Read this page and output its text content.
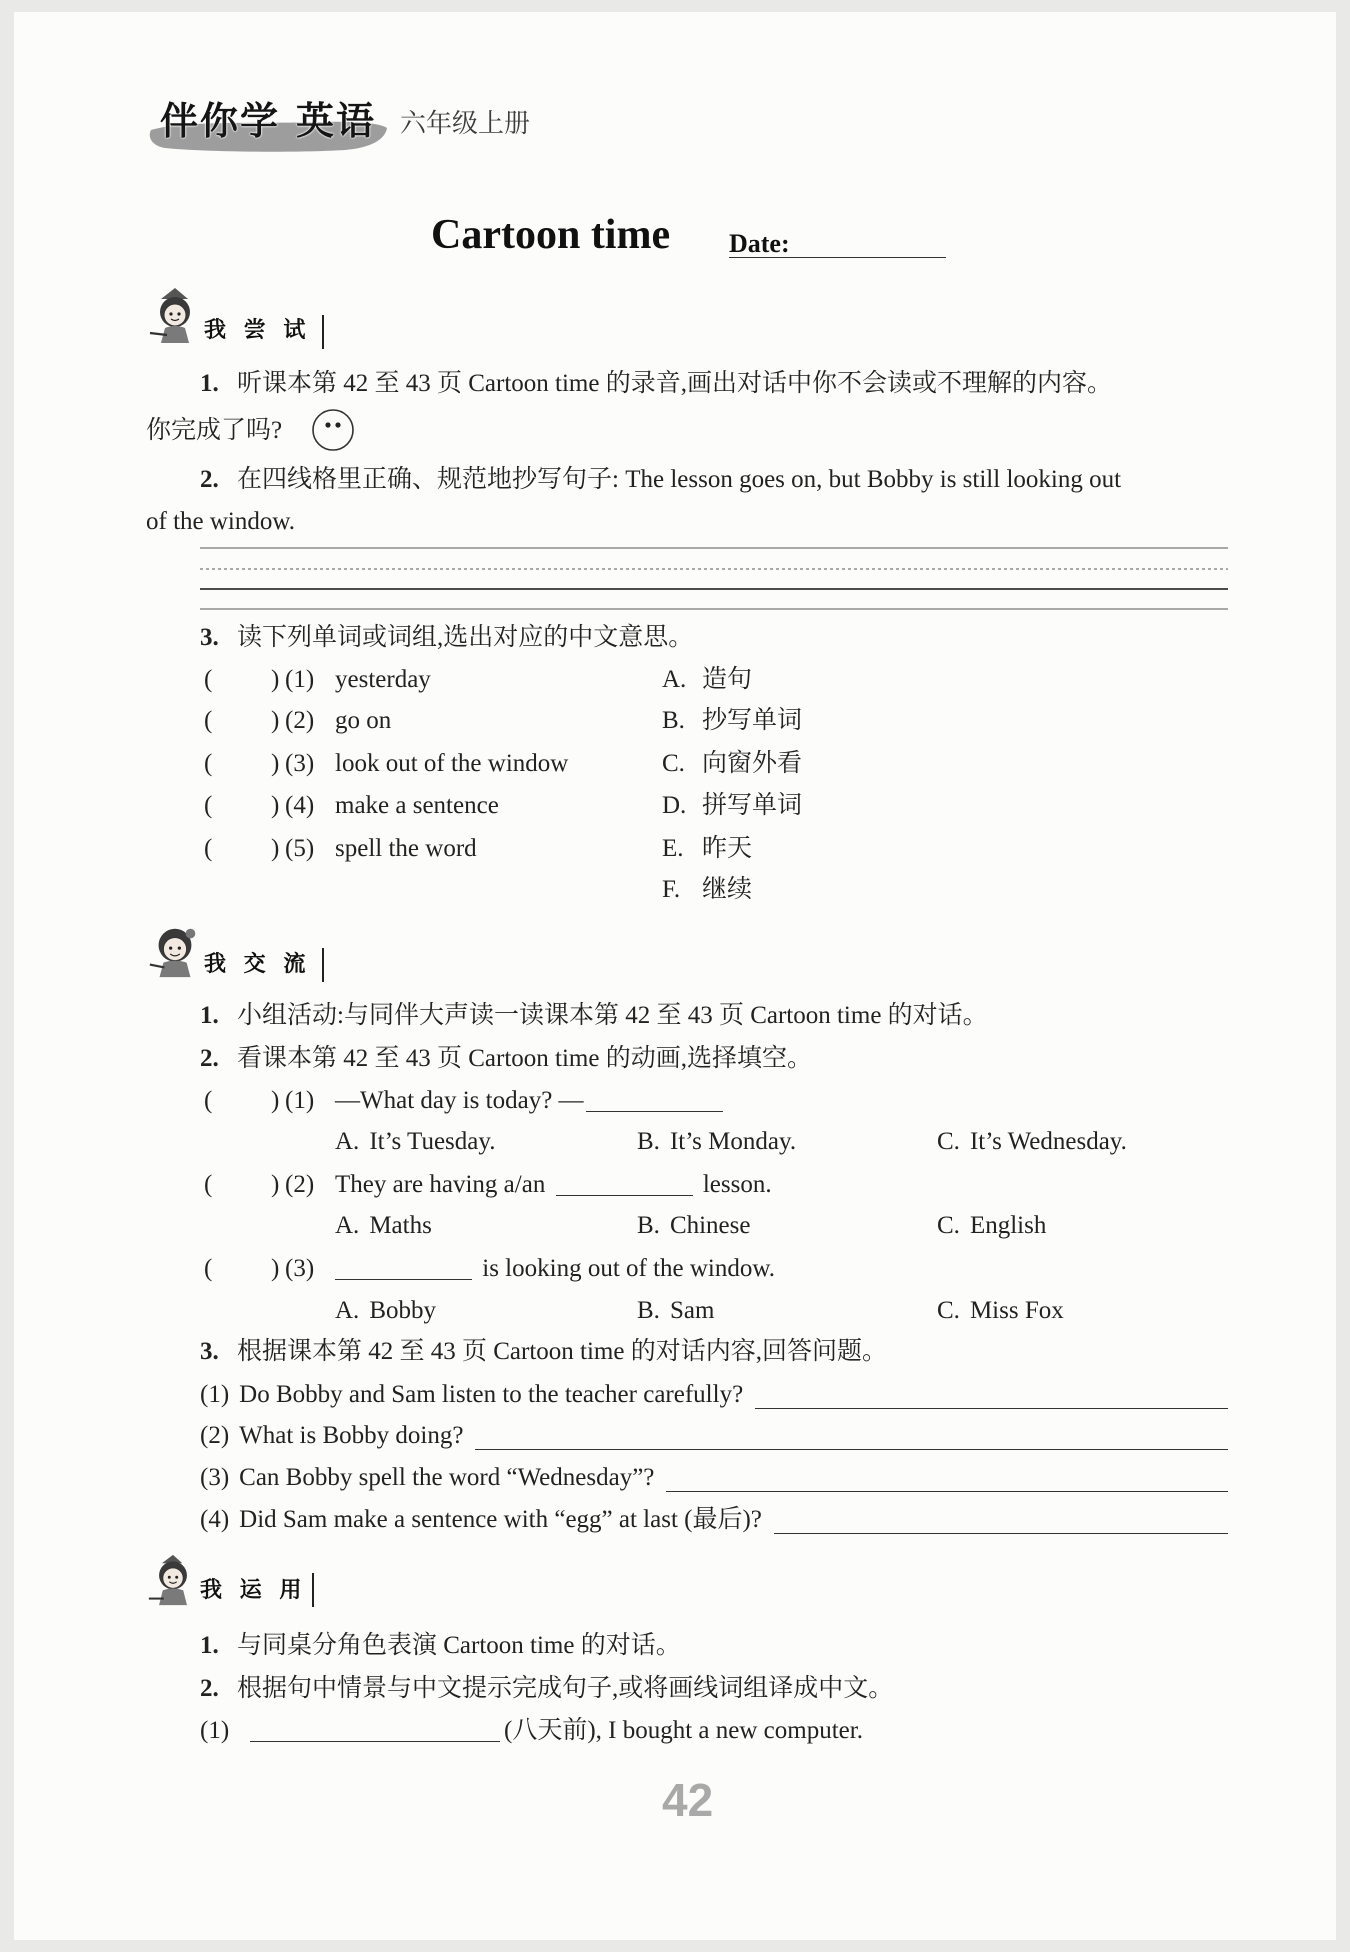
伴你学 英语 六年级上册
Cartoon time Date:
我 尝 试
1. 听课本第 42 至 43 页 Cartoon time 的录音,画出对话中你不会读或不理解的内容。
你完成了吗?
2. 在四线格里正确、规范地抄写句子: The lesson goes on, but Bobby is still looking out
of the window.
3. 读下列单词或词组,选出对应的中文意思。
( ) (1) yesterday	A. 造句
( ) (2) go on	B. 抄写单词
( ) (3) look out of the window	C. 向窗外看
( ) (4) make a sentence	D. 拼写单词
( ) (5) spell the word	E. 昨天
F. 继续
我 交 流
1. 小组活动:与同伴大声读一读课本第 42 至 43 页 Cartoon time 的对话。
2. 看课本第 42 至 43 页 Cartoon time 的动画,选择填空。
( ) (1) —What day is today? —
A. It’s Tuesday.	B. It’s Monday.	C. It’s Wednesday.
( ) (2) They are having a/an	lesson.
A. Maths	B. Chinese	C. English
( ) (3)	is looking out of the window.
A. Bobby	B. Sam	C. Miss Fox
3. 根据课本第 42 至 43 页 Cartoon time 的对话内容,回答问题。
(1) Do Bobby and Sam listen to the teacher carefully?
(2) What is Bobby doing?
(3) Can Bobby spell the word “Wednesday”?
(4) Did Sam make a sentence with “egg” at last (最后)?
我 运 用
1. 与同桌分角色表演 Cartoon time 的对话。
2. 根据句中情景与中文提示完成句子,或将画线词组译成中文。
(1)	(八天前), I bought a new computer.
42
